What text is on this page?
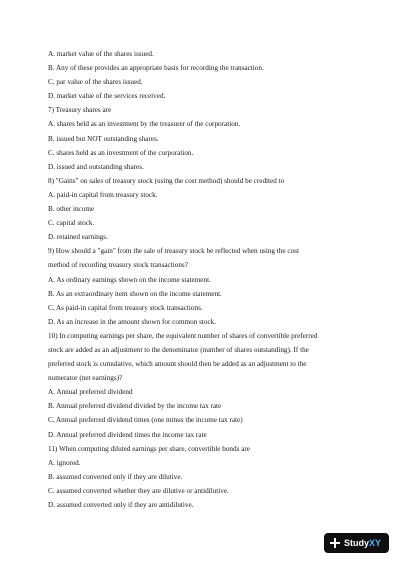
A. market value of the shares issued.
B. Any of these provides an appropriate basis for recording the transaction.
C. par value of the shares issued.
D. market value of the services received.
7) Treasury shares are
A. shares held as an investment by the treasurer of the corporation.
B. issued but NOT outstanding shares.
C. shares held as an investment of the corporation.
D. issued and outstanding shares.
8) "Gains" on sales of treasury stock (using the cost method) should be credited to
A. paid-in capital from treasury stock.
B. other income
C. capital stock.
D. retained earnings.
9) How should a "gain" from the sale of treasury stock be reflected when using the cost
method of recording treasury stock transactions?
A. As ordinary earnings shown on the income statement.
B. As an extraordinary item shown on the income statement.
C. As paid-in capital from treasury stock transactions.
D. As an increase in the amount shown for common stock.
10) In computing earnings per share, the equivalent number of shares of convertible preferred
stock are added as an adjustment to the denominator (number of shares outstanding). If the
preferred stock is cumulative, which amount should then be added as an adjustment to the
numerator (net earnings)?
A. Annual preferred dividend
B. Annual preferred dividend divided by the income tax rate
C. Annual preferred dividend times (one minus the income tax rate)
D. Annual preferred dividend times the income tax rate
11) When computing diluted earnings per share, convertible bonds are
A. ignored.
B. assumed converted only if they are dilutive.
C. assumed converted whether they are dilutive or antidilutive.
D. assumed converted only if they are antidilutive.
Study XY
